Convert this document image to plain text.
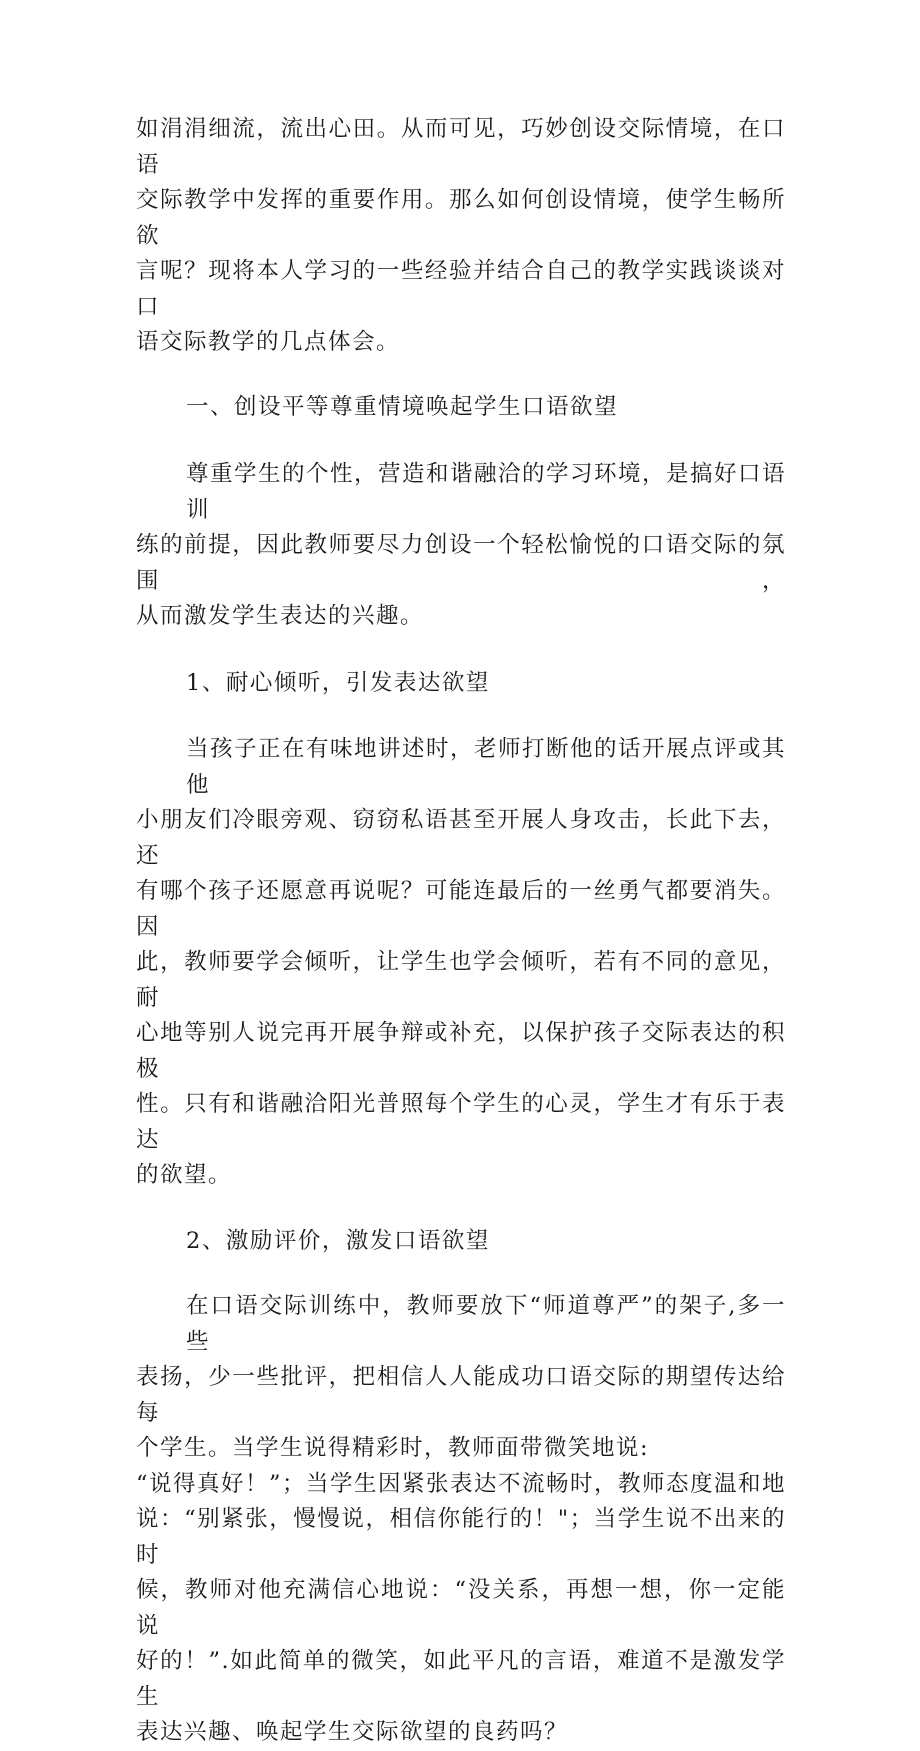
如涓涓细流，流出心田。从而可见，巧妙创设交际情境，在口语
交际教学中发挥的重要作用。那么如何创设情境，使学生畅所欲
言呢？现将本人学习的一些经验并结合自己的教学实践谈谈对口
语交际教学的几点体会。

一、创设平等尊重情境唤起学生口语欲望

尊重学生的个性，营造和谐融洽的学习环境，是搞好口语训
练的前提，因此教师要尽力创设一个轻松愉悦的口语交际的氛围，
从而激发学生表达的兴趣。

1、耐心倾听，引发表达欲望

当孩子正在有味地讲述时，老师打断他的话开展点评或其他
小朋友们冷眼旁观、窃窃私语甚至开展人身攻击，长此下去，还
有哪个孩子还愿意再说呢？可能连最后的一丝勇气都要消失。因
此，教师要学会倾听，让学生也学会倾听，若有不同的意见，耐
心地等别人说完再开展争辩或补充，以保护孩子交际表达的积极
性。只有和谐融洽阳光普照每个学生的心灵，学生才有乐于表达
的欲望。

2、激励评价，激发口语欲望

在口语交际训练中，教师要放下“师道尊严”的架子,多一些
表扬，少一些批评，把相信人人能成功口语交际的期望传达给每
个学生。当学生说得精彩时，教师面带微笑地说:
“说得真好！”；当学生因紧张表达不流畅时，教师态度温和地
说：“别紧张，慢慢说，相信你能行的！"；当学生说不出来的时
候，教师对他充满信心地说：“没关系，再想一想，你一定能说
好的！”.如此简单的微笑，如此平凡的言语，难道不是激发学生
表达兴趣、唤起学生交际欲望的良药吗？
